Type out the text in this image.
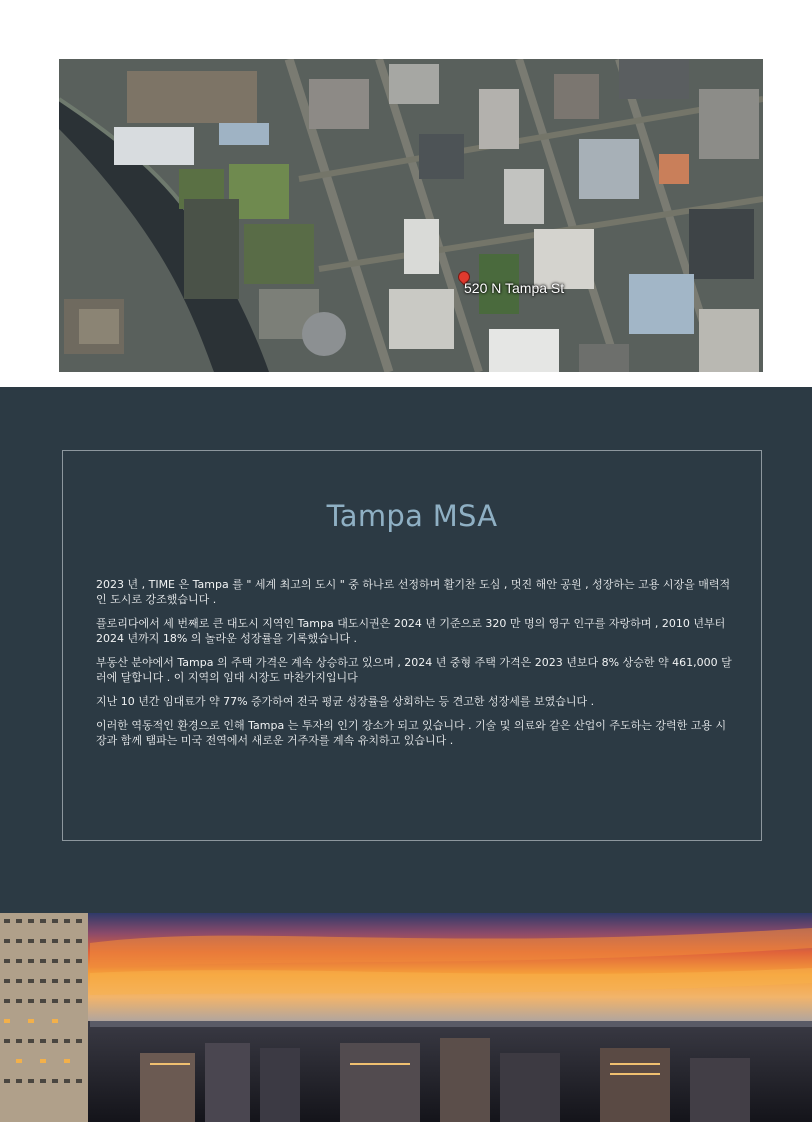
520 N Tampa St
Tampa MSA

2023 년 , TIME 은 Tampa 를 " 세계 최고의 도시 " 중 하나로 선정하며 활기찬 도심 , 멋진 해안 공원 , 성장하는 고용 시장을 매력적인 도시로 강조했습니다 .

플로리다에서 세 번째로 큰 대도시 지역인 Tampa 대도시권은 2024 년 기준으로 320 만 명의 영구 인구를 자랑하며 , 2010 년부터 2024 년까지 18% 의 놀라운 성장률을 기록했습니다 .

부동산 분야에서 Tampa 의 주택 가격은 계속 상승하고 있으며 , 2024 년 중형 주택 가격은 2023 년보다 8% 상승한 약 461,000 달러에 달합니다 . 이 지역의 임대 시장도 마찬가지입니다

지난 10 년간 임대료가 약 77% 증가하여 전국 평균 성장률을 상회하는 등 견고한 성장세를 보였습니다 .

이러한 역동적인 환경으로 인해 Tampa 는 투자의 인기 장소가 되고 있습니다 . 기술 및 의료와 같은 산업이 주도하는 강력한 고용 시장과 함께 탬파는 미국 전역에서 새로운 거주자를 계속 유치하고 있습니다 .
